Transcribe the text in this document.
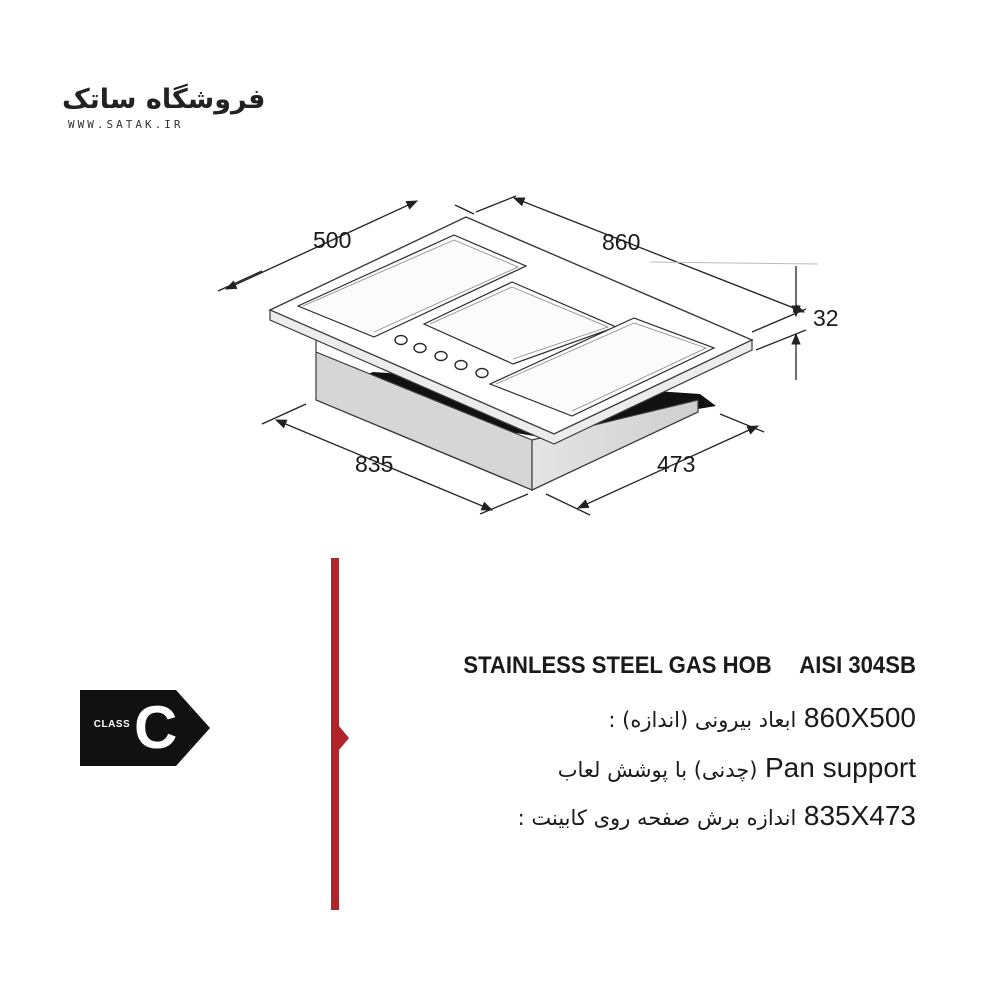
فروشگاه ساتک
WWW.SATAK.IR
500	860
32
835	473
CLASS C
STAINLESS STEEL GAS HOB AISI 304SB
ابعاد بیرونی (اندازه) : 860X500
(چدنی) با پوشش لعاب Pan support
اندازه برش صفحه روی کابینت : 835X473
